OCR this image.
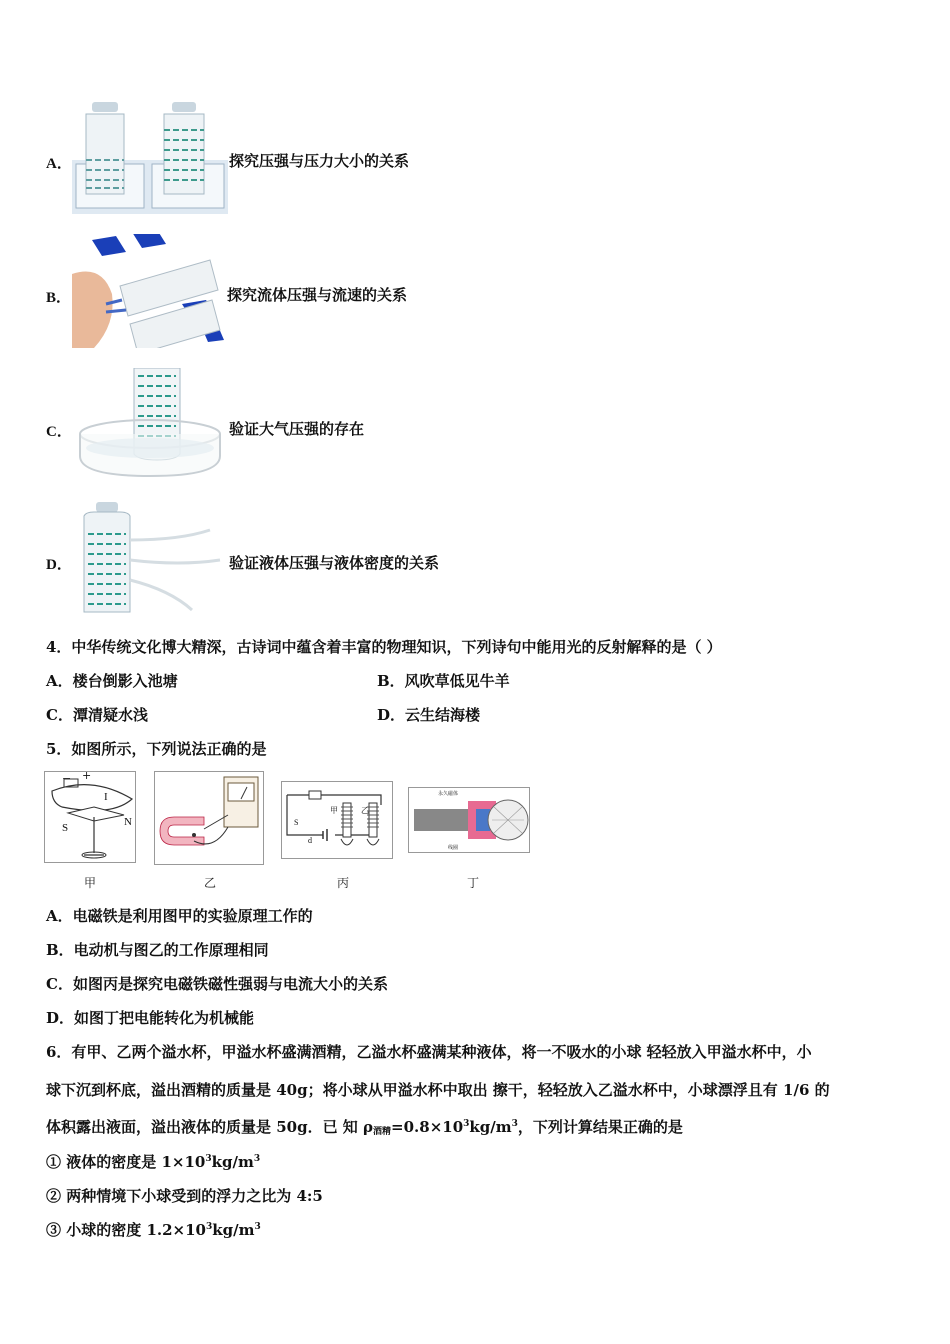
A．	探究压强与压力大小的关系
B．	探究流体压强与流速的关系
C．	验证大气压强的存在
D．	验证液体压强与液体密度的关系
4．中华传统文化博大精深，古诗词中蕴含着丰富的物理知识，下列诗句中能用光的反射解释的是（ ）
A．楼台倒影入池塘	B．风吹草低见牛羊
C．潭清疑水浅	D．云生结海楼
5．如图所示，下列说法正确的是
− +
I
S	N
甲	乙
S
d
永久磁体
线圈
甲	乙	丙	丁
A．电磁铁是利用图甲的实验原理工作的
B．电动机与图乙的工作原理相同
C．如图丙是探究电磁铁磁性强弱与电流大小的关系
D．如图丁把电能转化为机械能
6．有甲、乙两个溢水杯，甲溢水杯盛满酒精，乙溢水杯盛满某种液体，将一不吸水的小球 轻轻放入甲溢水杯中，小
球下沉到杯底，溢出酒精的质量是 40g；将小球从甲溢水杯中取出 擦干，轻轻放入乙溢水杯中，小球漂浮且有 1/6 的
体积露出液面，溢出液体的质量是 50g．已 知 $\rho_{酒精}=0.8\times 10^3kg/m^3$，下列计算结果正确的是
① 液体的密度是 $1\times 10^3kg/m^3$
② 两种情境下小球受到的浮力之比为 4:5
③ 小球的密度 $1.2\times 10^3kg/m^3$
